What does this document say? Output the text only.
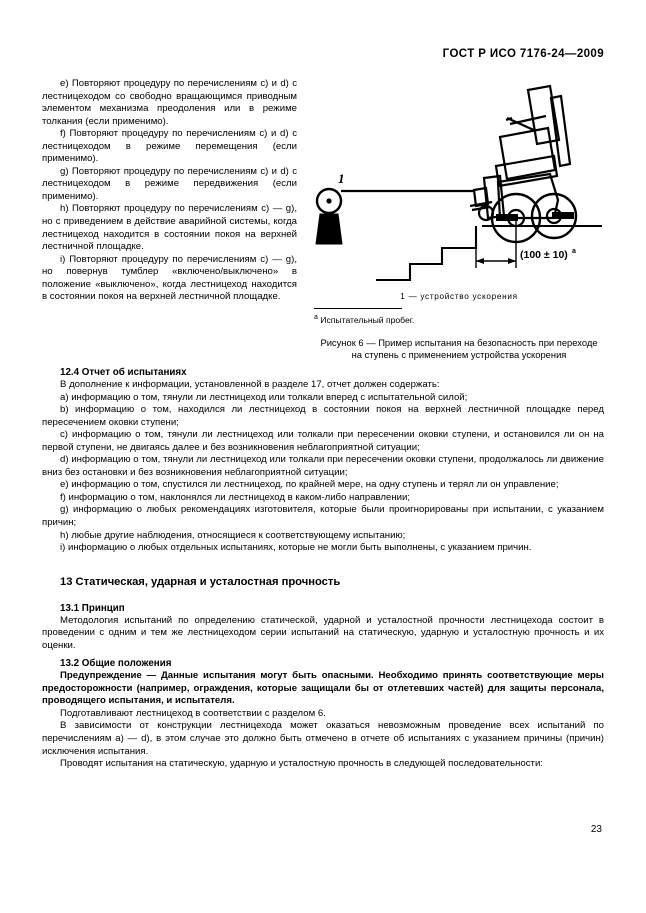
ГОСТ Р ИСО 7176-24—2009

e) Повторяют процедуру по перечислениям c) и d) с лестницеходом со свободно вращающимся приводным элементом механизма преодоления или в режиме толкания (если применимо).

f) Повторяют процедуру по перечислениям c) и d) с лестницеходом в режиме перемещения (если применимо).

g) Повторяют процедуру по перечислениям c) и d) с лестницеходом в режиме передвижения (если применимо).

h) Повторяют процедуру по перечислениям c) — g), но с приведением в действие аварийной системы, когда лестницеход находится в состоянии покоя на верхней лестничной площадке.

i) Повторяют процедуру по перечислениям c) — g), но повернув тумблер «включено/выключено» в положение «выключено», когда лестницеход находится в состоянии покоя на верхней лестничной площадке.

1
(100 ± 10) a
1 — устройство ускорения
$^a$ Испытательный пробег.
Рисунок 6 — Пример испытания на безопасность при переходе на ступень с применением устройства ускорения
12.4 Отчет об испытаниях

В дополнение к информации, установленной в разделе 17, отчет должен содержать:

a) информацию о том, тянули ли лестницеход или толкали вперед с испытательной силой;

b) информацию о том, находился ли лестницеход в состоянии покоя на верхней лестничной площадке перед пересечением оковки ступени;

c) информацию о том, тянули ли лестницеход или толкали при пересечении оковки ступени, и остановился ли он на первой ступени, не двигаясь далее и без возникновения неблагоприятной ситуации;

d) информацию о том, тянули ли лестницеход или толкали при пересечении оковки ступени, продолжалось ли движение вниз без остановки и без возникновения неблагоприятной ситуации;

e) информацию о том, спустился ли лестницеход, по крайней мере, на одну ступень и терял ли он управление;

f) информацию о том, наклонялся ли лестницеход в каком-либо направлении;

g) информацию о любых рекомендациях изготовителя, которые были проигнорированы при испытании, с указанием причин;

h) любые другие наблюдения, относящиеся к соответствующему испытанию;

i) информацию о любых отдельных испытаниях, которые не могли быть выполнены, с указанием причин.

13 Статическая, ударная и усталостная прочность
13.1 Принцип

Методология испытаний по определению статической, ударной и усталостной прочности лестницехода состоит в проведении с одним и тем же лестницеходом серии испытаний на статическую, ударную и усталостную прочность и их оценки.

13.2 Общие положения

Предупреждение — Данные испытания могут быть опасными. Необходимо принять соответствующие меры предосторожности (например, ограждения, которые защищали бы от отлетевших частей) для защиты персонала, проводящего испытания, и испытателя.

Подготавливают лестницеход в соответствии с разделом 6.

В зависимости от конструкции лестницехода может оказаться невозможным проведение всех испытаний по перечислениям a) — d), в этом случае это должно быть отмечено в отчете об испытаниях с указанием причины (причин) исключения испытания.

Проводят испытания на статическую, ударную и усталостную прочность в следующей последовательности:

23
